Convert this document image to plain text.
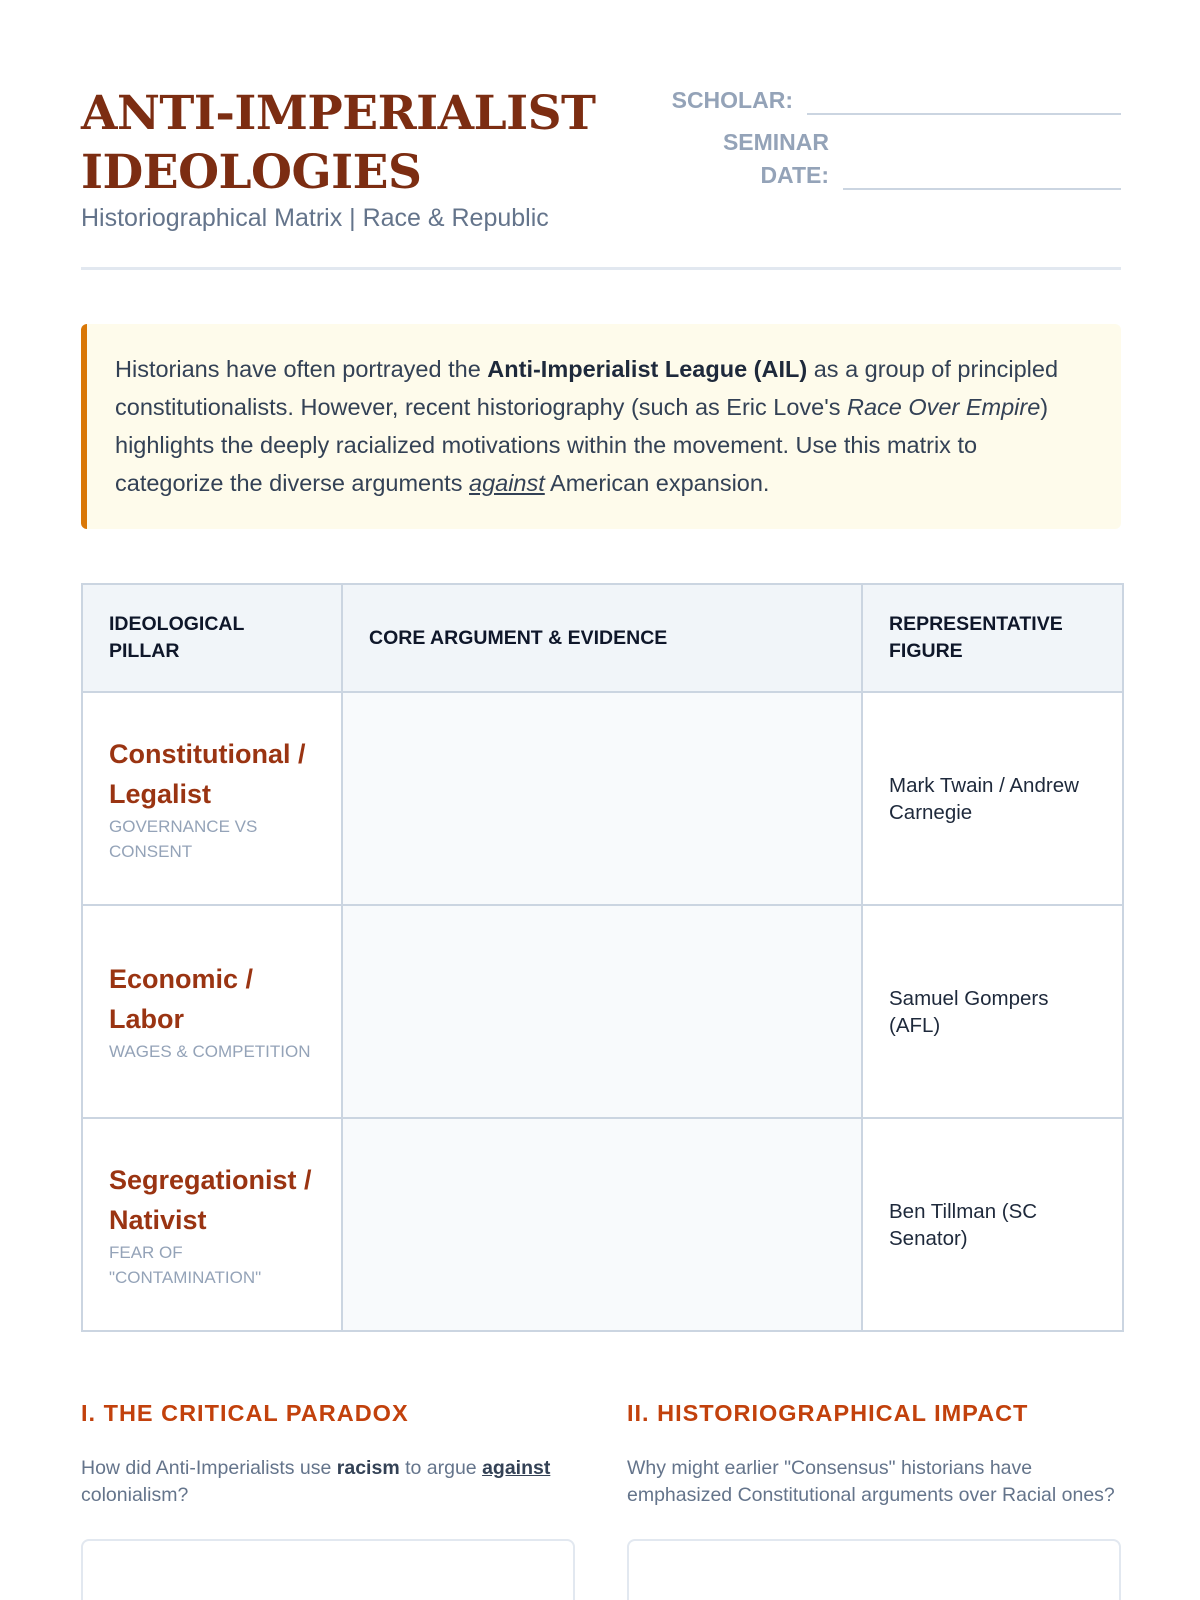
ANTI-IMPERIALIST IDEOLOGIES
Historiographical Matrix | Race & Republic
SCHOLAR:
SEMINAR DATE:
Historians have often portrayed the Anti-Imperialist League (AIL) as a group of principled constitutionalists. However, recent historiography (such as Eric Love's Race Over Empire) highlights the deeply racialized motivations within the movement. Use this matrix to categorize the diverse arguments against American expansion.
IDEOLOGICAL PILLAR	CORE ARGUMENT & EVIDENCE	REPRESENTATIVE FIGURE

Constitutional / Legalist
GOVERNANCE VS CONSENT		Mark Twain / Andrew Carnegie

Economic / Labor
WAGES & COMPETITION		Samuel Gompers (AFL)

Segregationist / Nativist
FEAR OF "CONTAMINATION"		Ben Tillman (SC Senator)
I. THE CRITICAL PARADOX

How did Anti-Imperialists use racism to argue against colonialism?

II. HISTORIOGRAPHICAL IMPACT

Why might earlier "Consensus" historians have emphasized Constitutional arguments over Racial ones?
